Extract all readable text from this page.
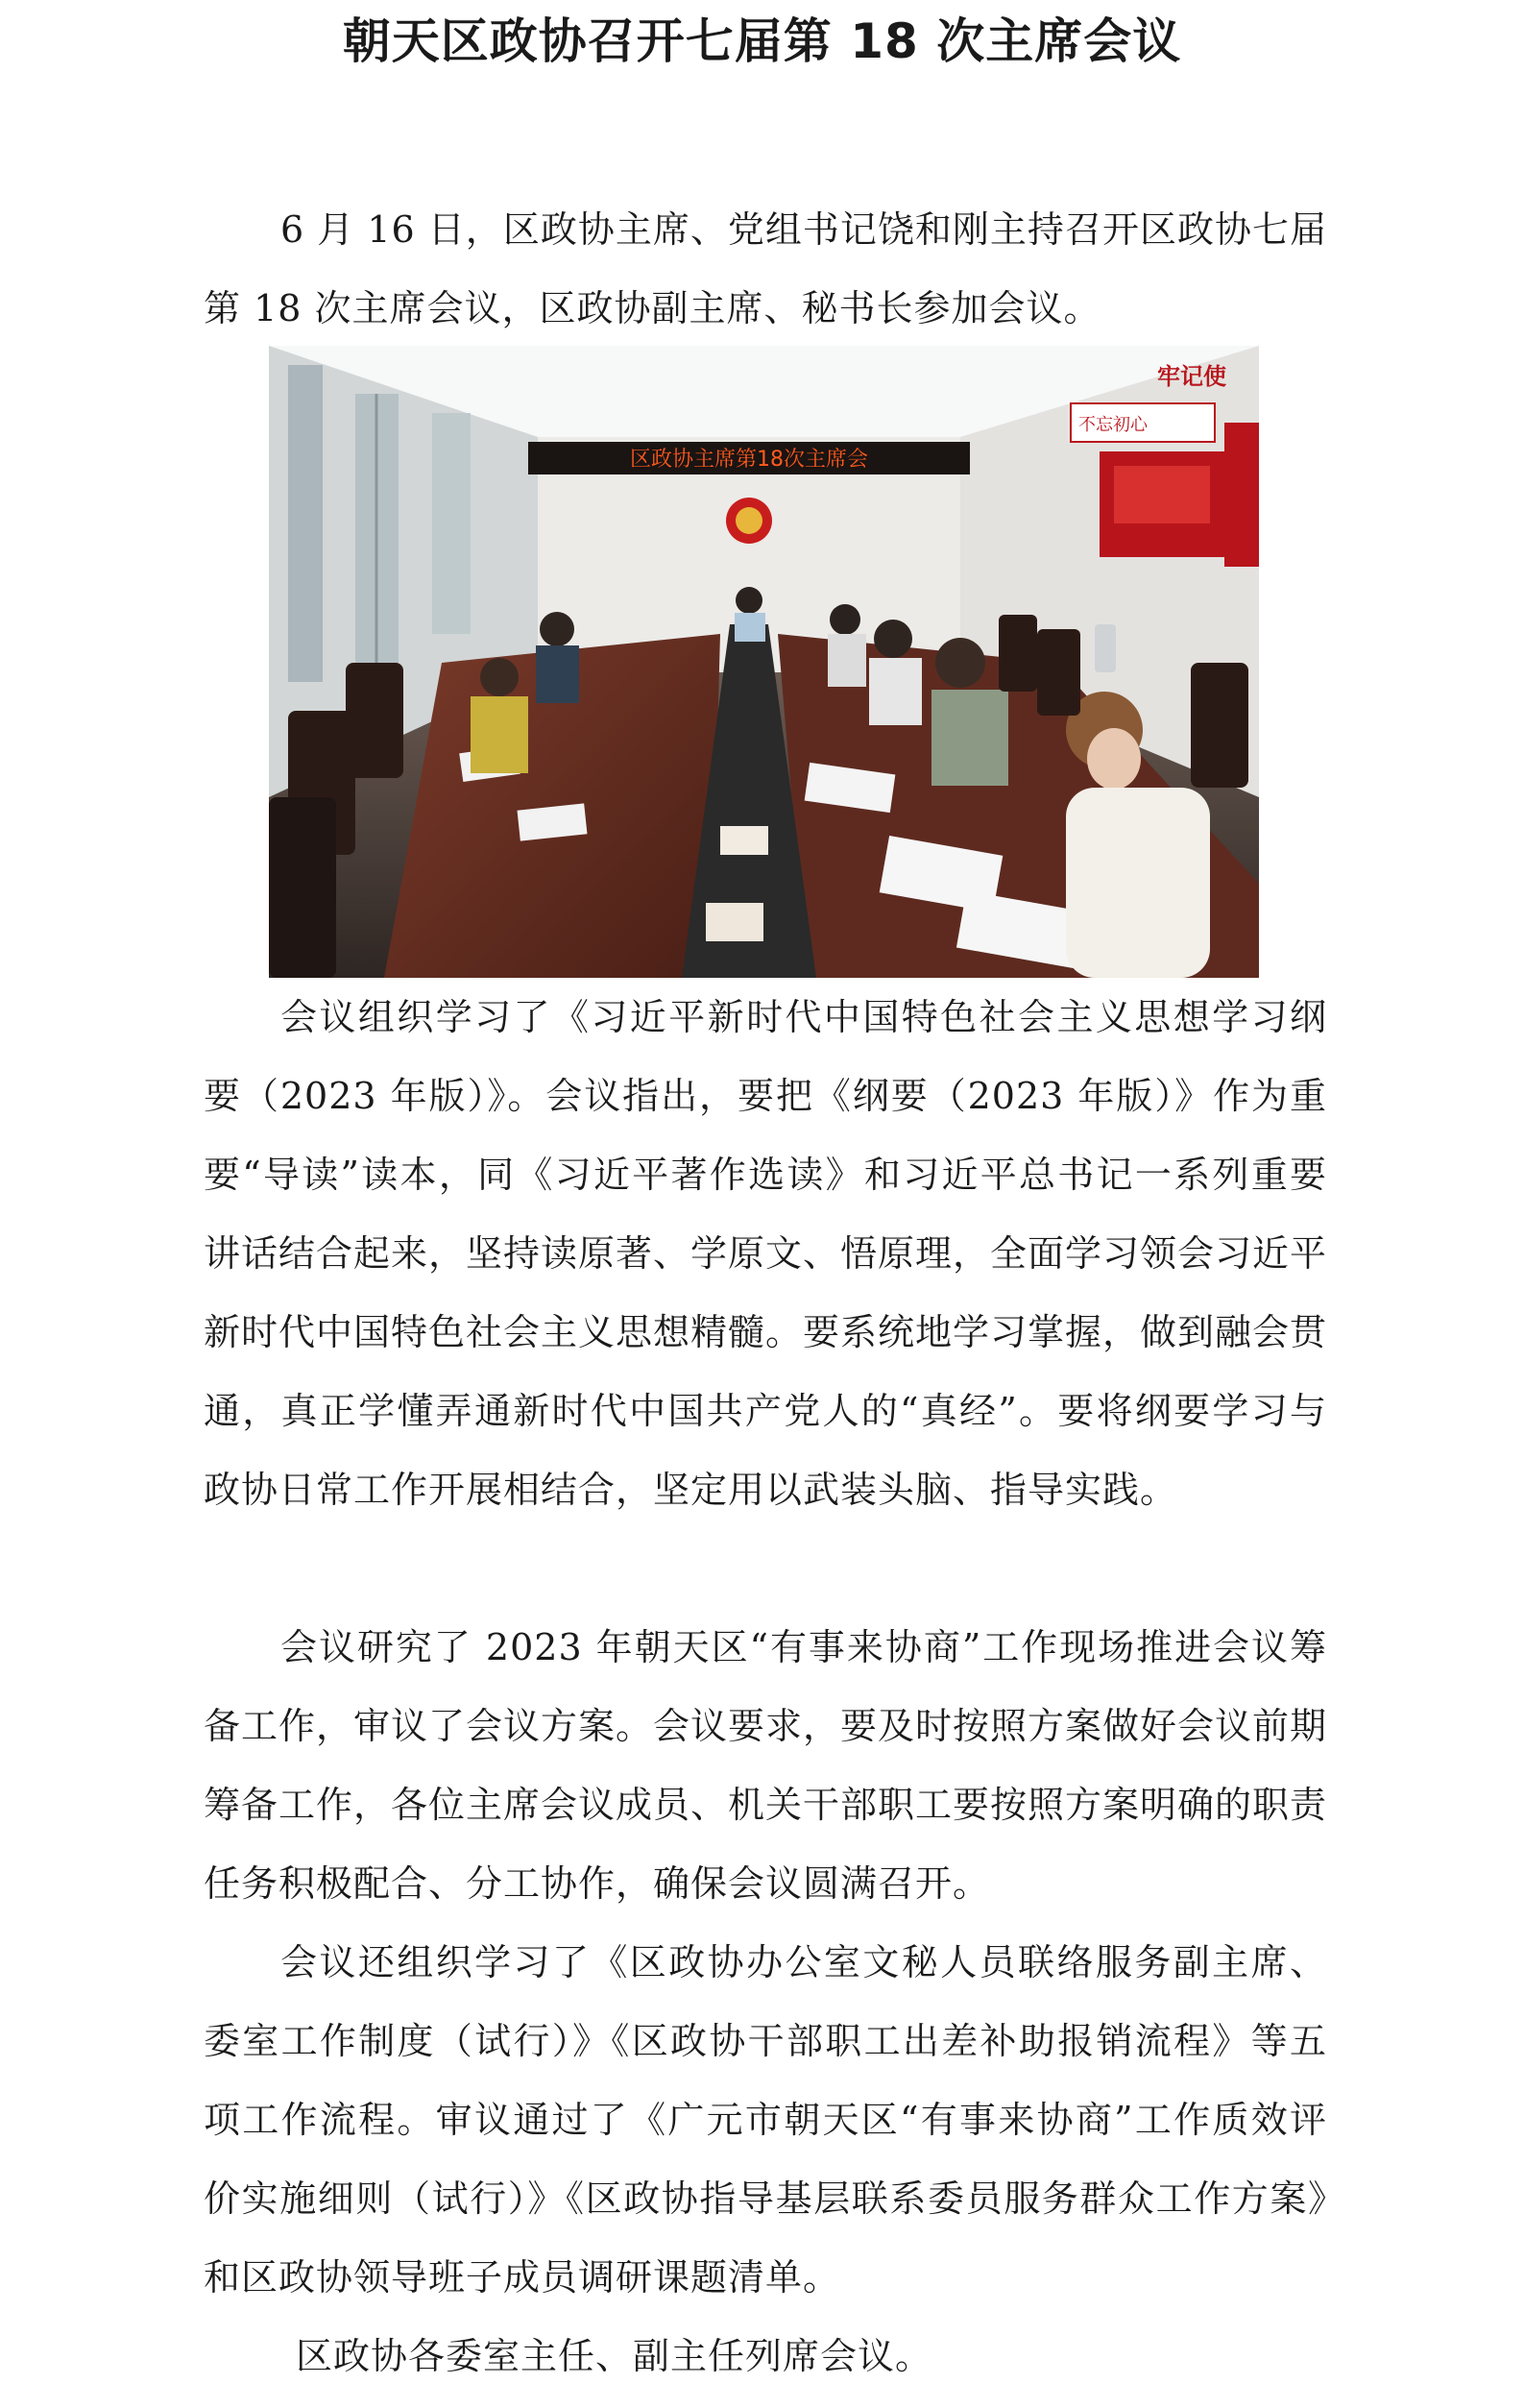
朝天区政协召开七届第 18 次主席会议

6 月 16 日，区政协主席、党组书记饶和刚主持召开区政协七届第 18 次主席会议，区政协副主席、秘书长参加会议。

区政协主席第18次主席会
不忘初心
牢记使

会议组织学习了《习近平新时代中国特色社会主义思想学习纲要（2023 年版）》。会议指出，要把《纲要（2023 年版）》作为重要“导读”读本，同《习近平著作选读》和习近平总书记一系列重要讲话结合起来，坚持读原著、学原文、悟原理，全面学习领会习近平新时代中国特色社会主义思想精髓。要系统地学习掌握，做到融会贯通，真正学懂弄通新时代中国共产党人的“真经”。要将纲要学习与政协日常工作开展相结合，坚定用以武装头脑、指导实践。

会议研究了 2023 年朝天区“有事来协商”工作现场推进会议筹备工作，审议了会议方案。会议要求，要及时按照方案做好会议前期筹备工作，各位主席会议成员、机关干部职工要按照方案明确的职责任务积极配合、分工协作，确保会议圆满召开。

会议还组织学习了《区政协办公室文秘人员联络服务副主席、委室工作制度（试行）》《区政协干部职工出差补助报销流程》等五项工作流程。审议通过了《广元市朝天区“有事来协商”工作质效评价实施细则（试行）》《区政协指导基层联系委员服务群众工作方案》和区政协领导班子成员调研课题清单。

区政协各委室主任、副主任列席会议。
